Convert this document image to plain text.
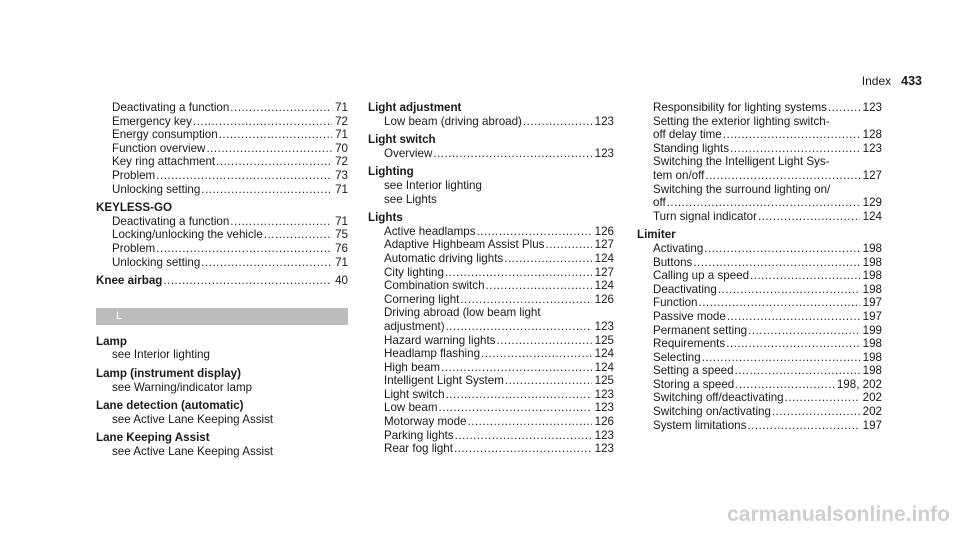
Index 433
Deactivating a function .....	71
Emergency key .....	72
Energy consumption .....	71
Function overview .....	70
Key ring attachment .....	72
Problem .....	73
Unlocking setting .....	71
KEYLESS-GO
Deactivating a function .....	71
Locking/unlocking the vehicle .....	75
Problem .....	76
Unlocking setting .....	71
Knee airbag .....	40
L
Lamp
see Interior lighting
Lamp (instrument display)
see Warning/indicator lamp
Lane detection (automatic)
see Active Lane Keeping Assist
Lane Keeping Assist
see Active Lane Keeping Assist
Light adjustment
Low beam (driving abroad) .....	123
Light switch
Overview .....	123
Lighting
see Interior lighting
see Lights
Lights
Active headlamps .....	126
Adaptive Highbeam Assist Plus .....	127
Automatic driving lights .....	124
City lighting .....	127
Combination switch .....	124
Cornering light .....	126
Driving abroad (low beam light
adjustment) .....	123
Hazard warning lights .....	125
Headlamp flashing .....	124
High beam .....	124
Intelligent Light System .....	125
Light switch .....	123
Low beam .....	123
Motorway mode .....	126
Parking lights .....	123
Rear fog light .....	123
Responsibility for lighting systems .....	123
Setting the exterior lighting switch-
off delay time .....	128
Standing lights .....	123
Switching the Intelligent Light Sys-
tem on/off .....	127
Switching the surround lighting on/
off .....	129
Turn signal indicator .....	124
Limiter
Activating .....	198
Buttons .....	198
Calling up a speed .....	198
Deactivating .....	198
Function .....	197
Passive mode .....	197
Permanent setting .....	199
Requirements .....	198
Selecting .....	198
Setting a speed .....	198
Storing a speed .....	198, 202
Switching off/deactivating .....	202
Switching on/activating .....	202
System limitations .....	197
carmanualsonline.info
